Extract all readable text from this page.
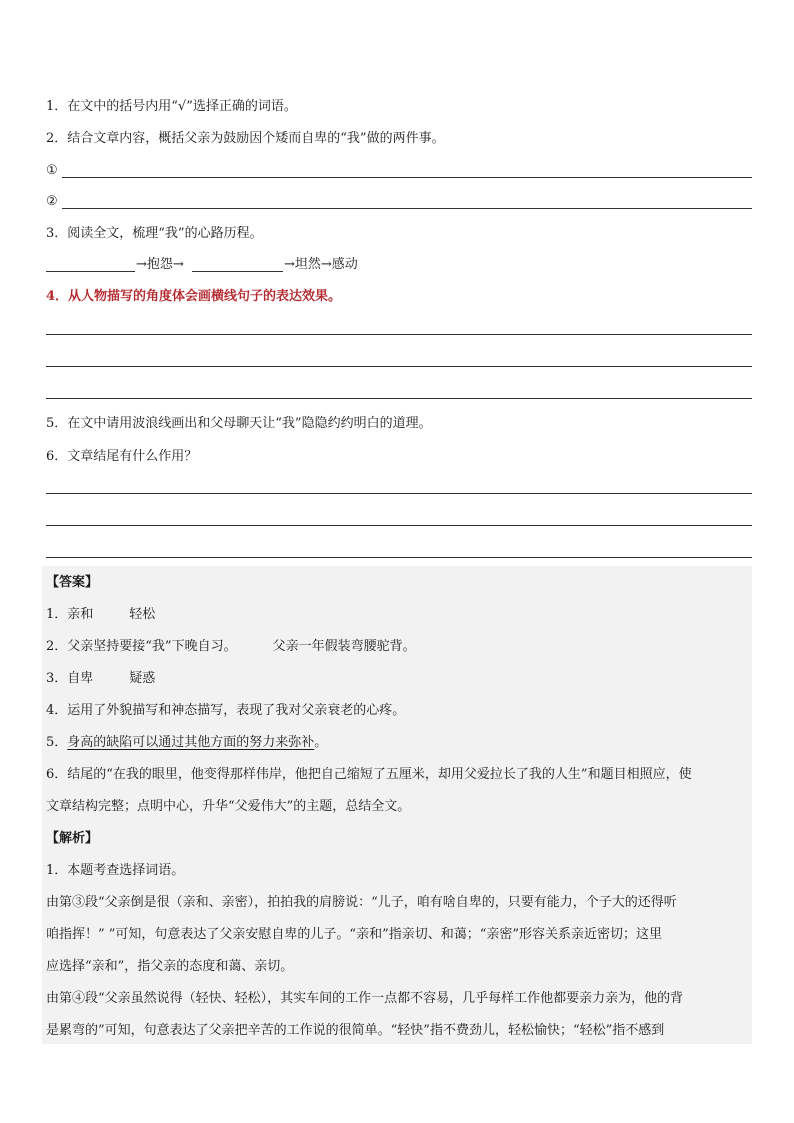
1．在文中的括号内用“√”选择正确的词语。
2．结合文章内容，概括父亲为鼓励因个矮而自卑的“我”做的两件事。
①
②
3．阅读全文，梳理“我”的心路历程。
→抱怨→	→坦然→感动
4．从人物描写的角度体会画横线句子的表达效果。
5．在文中请用波浪线画出和父母聊天让“我”隐隐约约明白的道理。
6．文章结尾有什么作用？
【答案】
1．亲和	轻松
2．父亲坚持要接“我”下晚自习。	父亲一年假装弯腰驼背。
3．自卑	疑惑
4．运用了外貌描写和神态描写，表现了我对父亲衰老的心疼。
5．身高的缺陷可以通过其他方面的努力来弥补。
6．结尾的“在我的眼里，他变得那样伟岸，他把自己缩短了五厘米，却用父爱拉长了我的人生”和题目相照应，使
文章结构完整；点明中心，升华“父爱伟大”的主题，总结全文。
【解析】
1．本题考查选择词语。
由第③段“父亲倒是很（亲和、亲密），拍拍我的肩膀说：“儿子，咱有啥自卑的，只要有能力，个子大的还得听
咱指挥！” ”可知，句意表达了父亲安慰自卑的儿子。“亲和”指亲切、和蔼；“亲密”形容关系亲近密切；这里
应选择“亲和”，指父亲的态度和蔼、亲切。
由第④段“父亲虽然说得（轻快、轻松），其实车间的工作一点都不容易，几乎每样工作他都要亲力亲为，他的背
是累弯的”可知，句意表达了父亲把辛苦的工作说的很简单。“轻快”指不费劲儿，轻松愉快；“轻松”指不感到
